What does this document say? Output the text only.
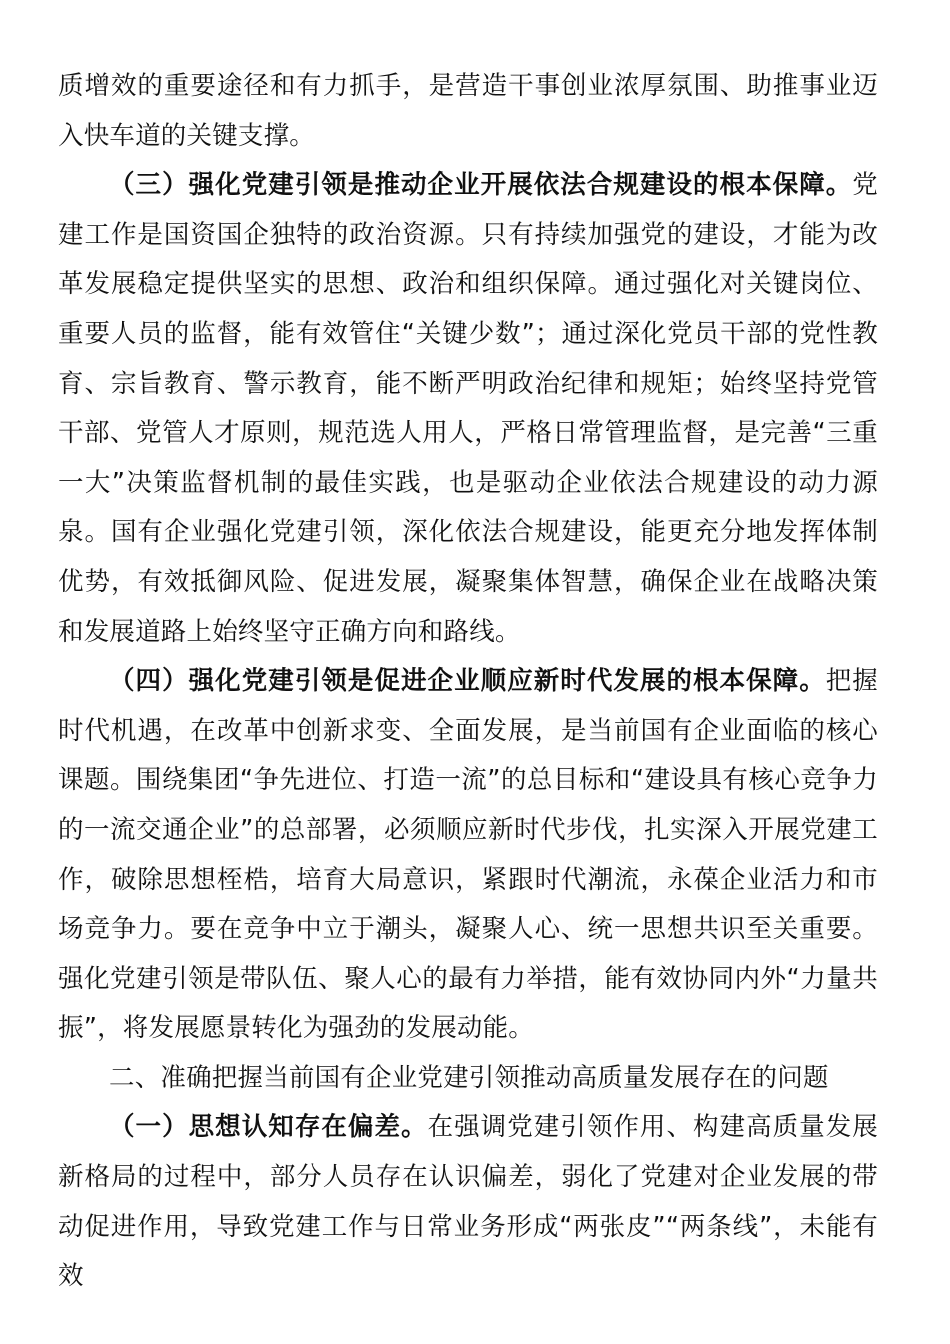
质增效的重要途径和有力抓手，是营造干事创业浓厚氛围、助推事业迈入快车道的关键支撑。

（三）强化党建引领是推动企业开展依法合规建设的根本保障。党建工作是国资国企独特的政治资源。只有持续加强党的建设，才能为改革发展稳定提供坚实的思想、政治和组织保障。通过强化对关键岗位、重要人员的监督，能有效管住“关键少数”；通过深化党员干部的党性教育、宗旨教育、警示教育，能不断严明政治纪律和规矩；始终坚持党管干部、党管人才原则，规范选人用人，严格日常管理监督，是完善“三重一大”决策监督机制的最佳实践，也是驱动企业依法合规建设的动力源泉。国有企业强化党建引领，深化依法合规建设，能更充分地发挥体制优势，有效抵御风险、促进发展，凝聚集体智慧，确保企业在战略决策和发展道路上始终坚守正确方向和路线。

（四）强化党建引领是促进企业顺应新时代发展的根本保障。把握时代机遇，在改革中创新求变、全面发展，是当前国有企业面临的核心课题。围绕集团“争先进位、打造一流”的总目标和“建设具有核心竞争力的一流交通企业”的总部署，必须顺应新时代步伐，扎实深入开展党建工作，破除思想桎梏，培育大局意识，紧跟时代潮流，永葆企业活力和市场竞争力。要在竞争中立于潮头，凝聚人心、统一思想共识至关重要。强化党建引领是带队伍、聚人心的最有力举措，能有效协同内外“力量共振”，将发展愿景转化为强劲的发展动能。

二、准确把握当前国有企业党建引领推动高质量发展存在的问题

（一）思想认知存在偏差。在强调党建引领作用、构建高质量发展新格局的过程中，部分人员存在认识偏差，弱化了党建对企业发展的带动促进作用，导致党建工作与日常业务形成“两张皮”“两条线”，未能有效
